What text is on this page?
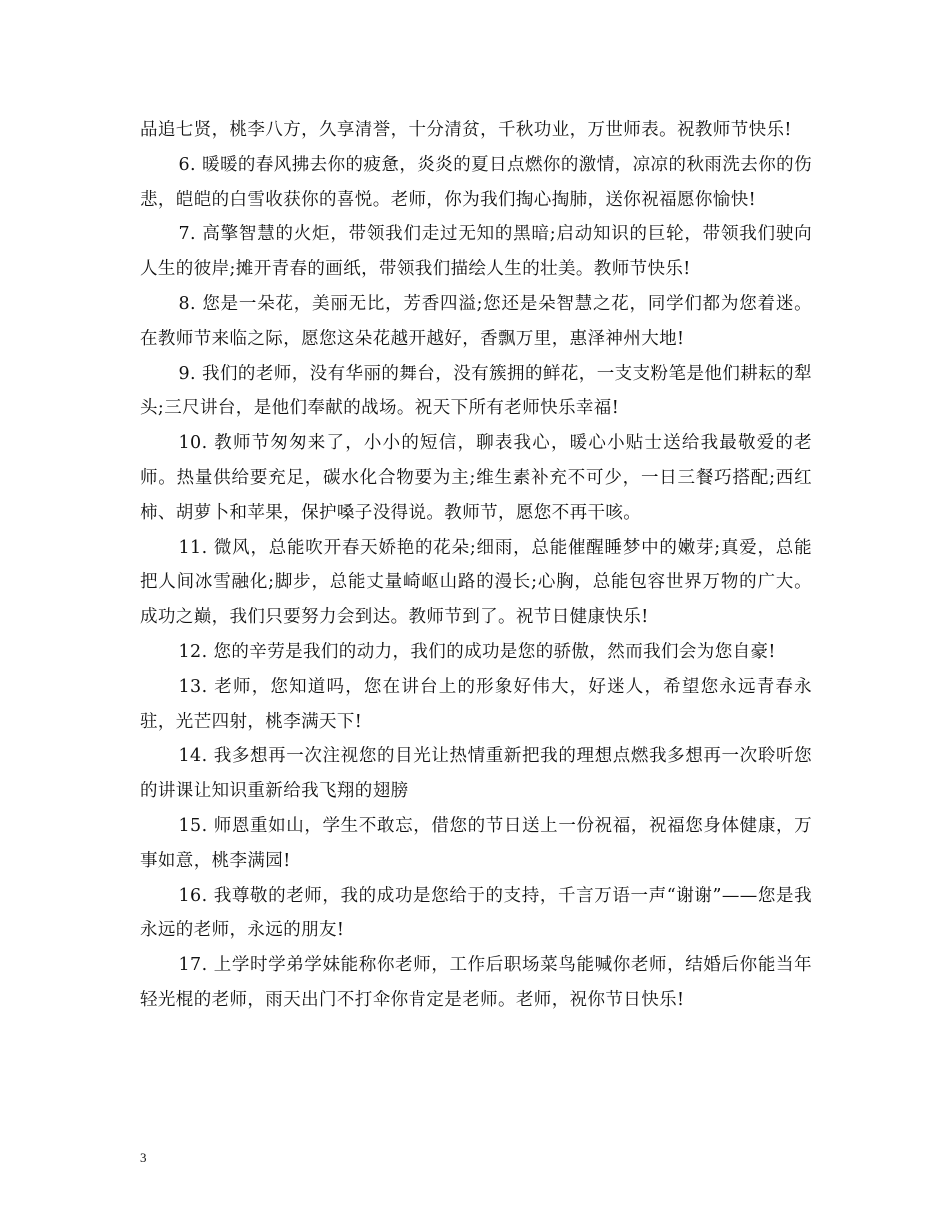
品追七贤，桃李八方，久享清誉，十分清贫，千秋功业，万世师表。祝教师节快乐!

6. 暖暖的春风拂去你的疲惫，炎炎的夏日点燃你的激情，凉凉的秋雨洗去你的伤悲，皑皑的白雪收获你的喜悦。老师，你为我们掏心掏肺，送你祝福愿你愉快!

7. 高擎智慧的火炬，带领我们走过无知的黑暗;启动知识的巨轮，带领我们驶向人生的彼岸;摊开青春的画纸，带领我们描绘人生的壮美。教师节快乐!

8. 您是一朵花，美丽无比，芳香四溢;您还是朵智慧之花，同学们都为您着迷。在教师节来临之际，愿您这朵花越开越好，香飘万里，惠泽神州大地!

9. 我们的老师，没有华丽的舞台，没有簇拥的鲜花，一支支粉笔是他们耕耘的犁头;三尺讲台，是他们奉献的战场。祝天下所有老师快乐幸福!

10. 教师节匆匆来了，小小的短信，聊表我心，暖心小贴士送给我最敬爱的老师。热量供给要充足，碳水化合物要为主;维生素补充不可少，一日三餐巧搭配;西红柿、胡萝卜和苹果，保护嗓子没得说。教师节，愿您不再干咳。

11. 微风，总能吹开春天娇艳的花朵;细雨，总能催醒睡梦中的嫩芽;真爱，总能把人间冰雪融化;脚步，总能丈量崎岖山路的漫长;心胸，总能包容世界万物的广大。成功之巅，我们只要努力会到达。教师节到了。祝节日健康快乐!

12. 您的辛劳是我们的动力，我们的成功是您的骄傲，然而我们会为您自豪!

13. 老师，您知道吗，您在讲台上的形象好伟大，好迷人，希望您永远青春永驻，光芒四射，桃李满天下!

14. 我多想再一次注视您的目光让热情重新把我的理想点燃我多想再一次聆听您的讲课让知识重新给我飞翔的翅膀

15. 师恩重如山，学生不敢忘，借您的节日送上一份祝福，祝福您身体健康，万事如意，桃李满园!

16. 我尊敬的老师，我的成功是您给于的支持，千言万语一声“谢谢”——您是我永远的老师，永远的朋友!

17. 上学时学弟学妹能称你老师，工作后职场菜鸟能喊你老师，结婚后你能当年轻光棍的老师，雨天出门不打伞你肯定是老师。老师，祝你节日快乐!

3
